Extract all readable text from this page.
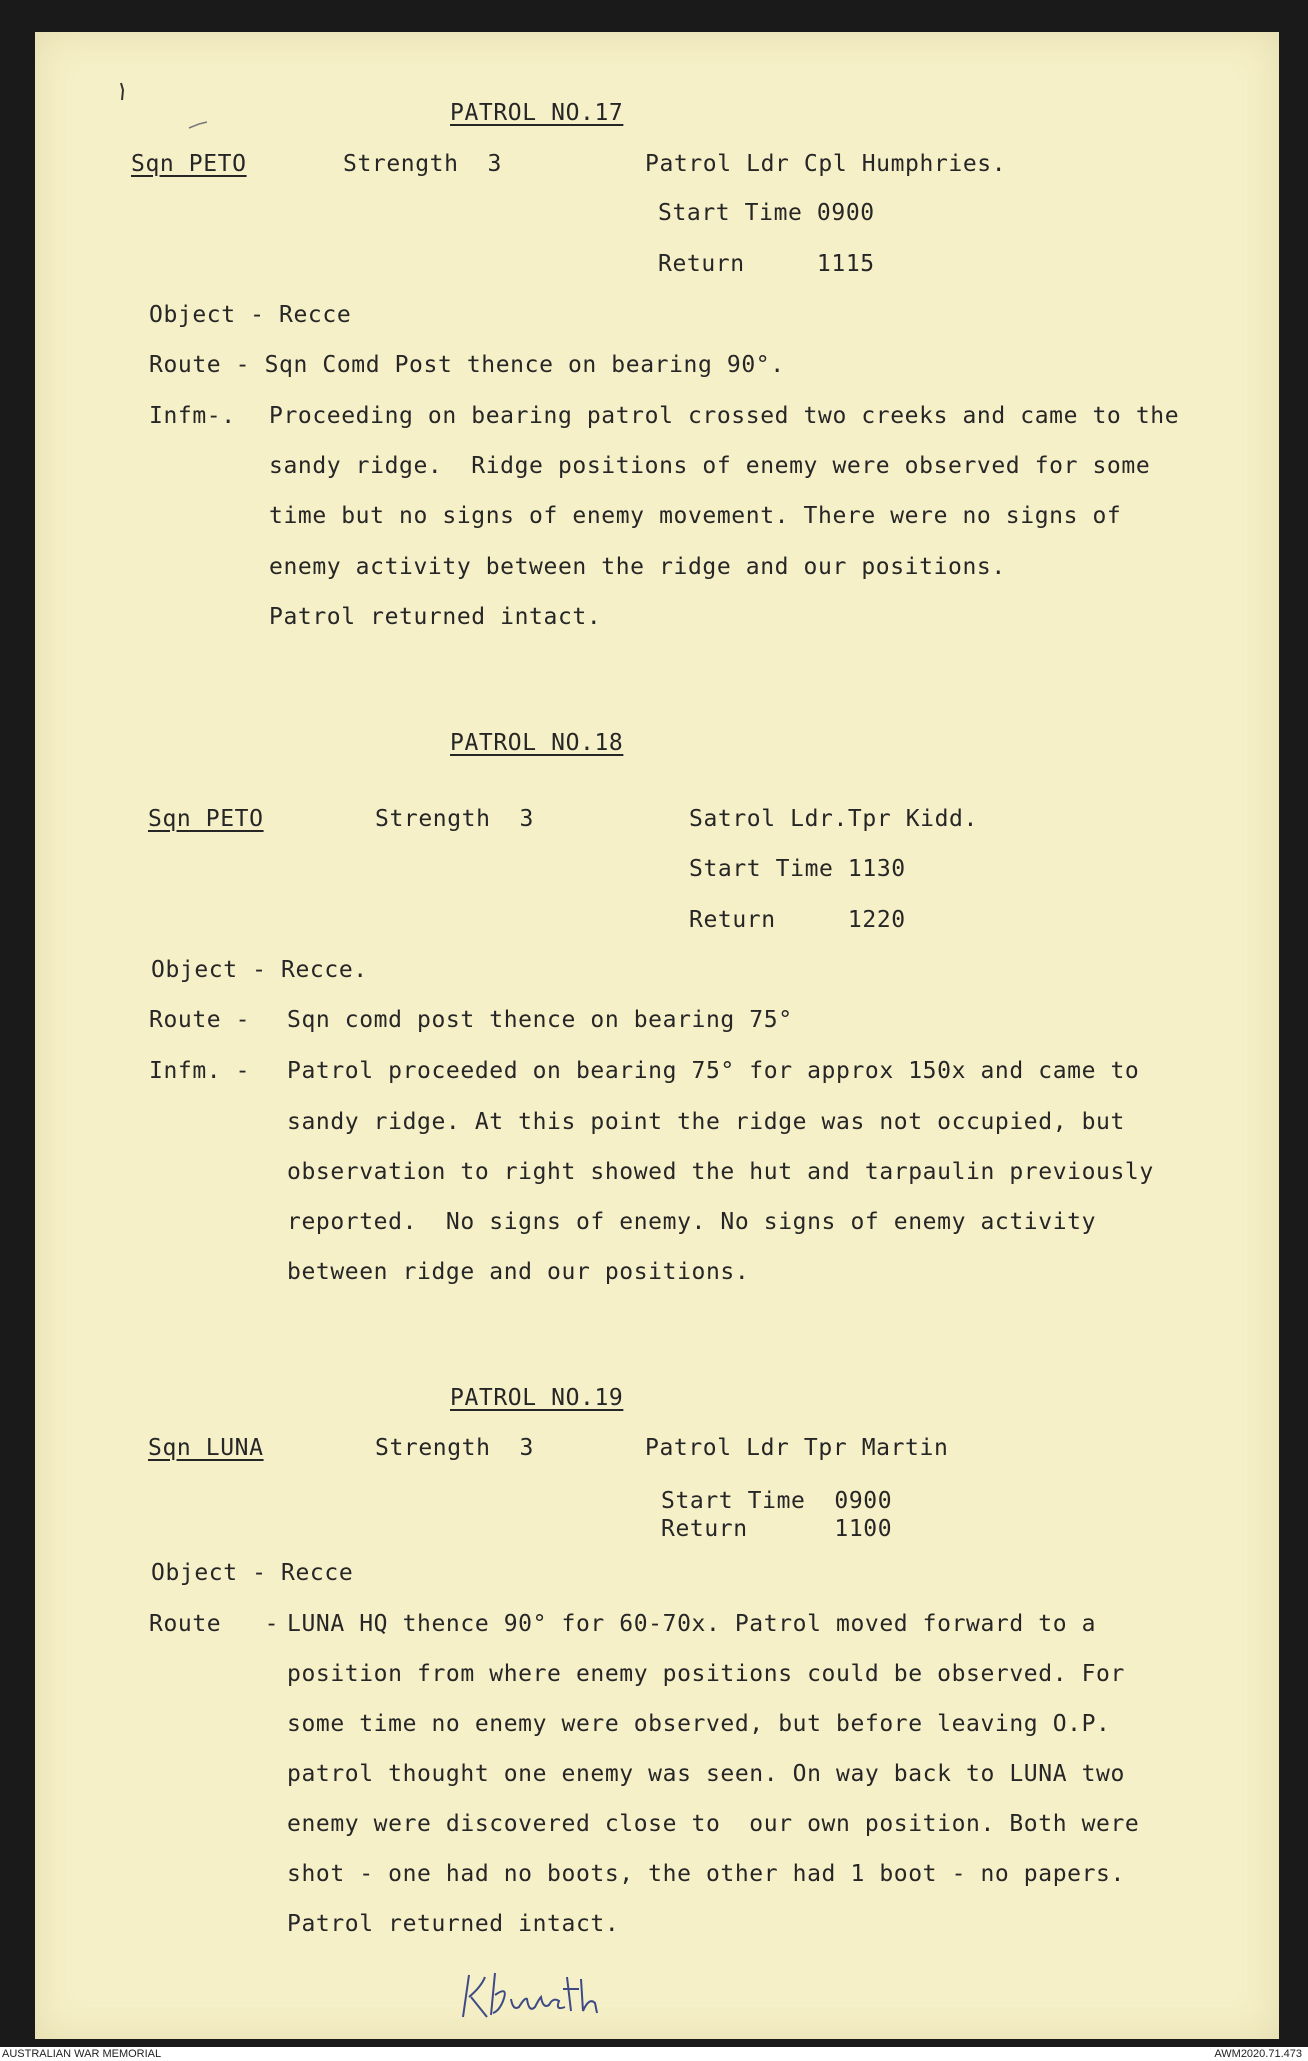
PATROL NO.17
Sqn PETO	Strength  3	Patrol Ldr Cpl Humphries.
Start Time 0900
Return     1115
Object - Recce
Route - Sqn Comd Post thence on bearing 90°.
Infm-. Proceeding on bearing patrol crossed two creeks and came to the
sandy ridge.  Ridge positions of enemy were observed for some
time but no signs of enemy movement. There were no signs of
enemy activity between the ridge and our positions.
Patrol returned intact.
PATROL NO.18
Sqn PETO	Strength  3	Satrol Ldr.Tpr Kidd.
Start Time 1130
Return     1220
Object - Recce.
Route - Sqn comd post thence on bearing 75°
Infm. - Patrol proceeded on bearing 75° for approx 150x and came to
sandy ridge. At this point the ridge was not occupied, but
observation to right showed the hut and tarpaulin previously
reported.  No signs of enemy. No signs of enemy activity
between ridge and our positions.
PATROL NO.19
Sqn LUNA	Strength  3	Patrol Ldr Tpr Martin
Start Time  0900
Return      1100
Object - Recce
Route   - LUNA HQ thence 90° for 60-70x. Patrol moved forward to a
position from where enemy positions could be observed. For
some time no enemy were observed, but before leaving O.P.
patrol thought one enemy was seen. On way back to LUNA two
enemy were discovered close to  our own position. Both were
shot - one had no boots, the other had 1 boot - no papers.
Patrol returned intact.
AUSTRALIAN WAR MEMORIAL	AWM2020.71.473
